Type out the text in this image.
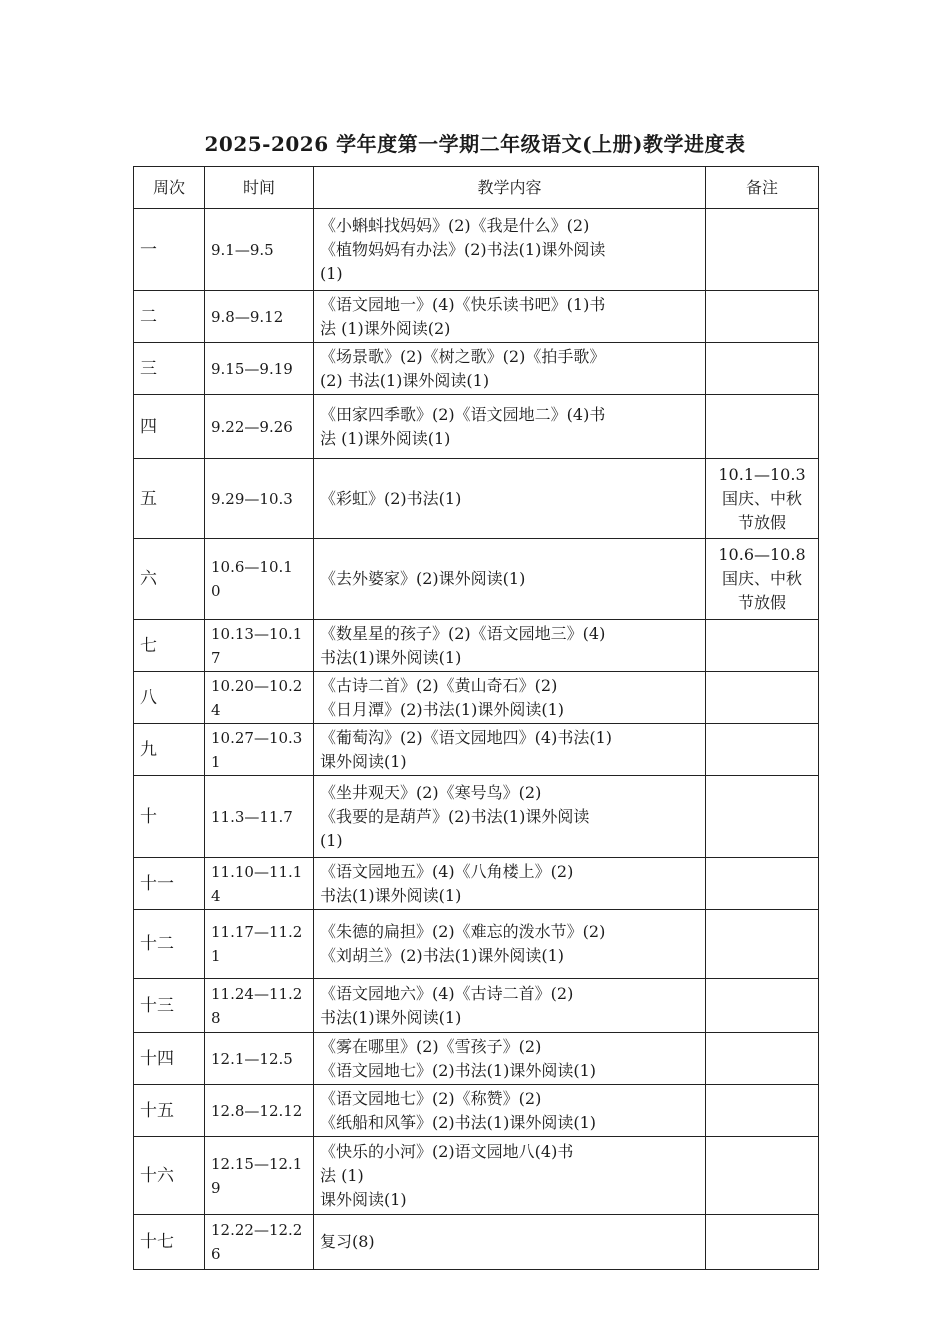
2025-2026 学年度第一学期二年级语文(上册)教学进度表
周次	时间	教学内容	备注
一	9.1—9.5	《小蝌蚪找妈妈》(2)《我是什么》(2)
《植物妈妈有办法》(2)书法(1)课外阅读
(1)	

二	9.8—9.12	《语文园地一》(4)《快乐读书吧》(1)书
法 (1)课外阅读(2)	

三	9.15—9.19	《场景歌》(2)《树之歌》(2)《拍手歌》
(2) 书法(1)课外阅读(1)	

四	9.22—9.26	《田家四季歌》(2)《语文园地二》(4)书
法 (1)课外阅读(1)	

五	9.29—10.3	《彩虹》(2)书法(1)	10.1—10.3
国庆、中秋
节放假

六	10.6—10.1 0	《去外婆家》(2)课外阅读(1)	10.6—10.8
国庆、中秋
节放假

七	10.13—10.17	《数星星的孩子》(2)《语文园地三》(4)
书法(1)课外阅读(1)	

八	10.20—10.24	《古诗二首》(2)《黄山奇石》(2)
《日月潭》(2)书法(1)课外阅读(1)	

九	10.27—10.31	《葡萄沟》(2)《语文园地四》(4)书法(1)
课外阅读(1)	

十	11.3—11.7	《坐井观天》(2)《寒号鸟》(2)
《我要的是葫芦》(2)书法(1)课外阅读
(1)	

十一	11.10—11.14	《语文园地五》(4)《八角楼上》(2)
书法(1)课外阅读(1)	

十二	11.17—11.21	《朱德的扁担》(2)《难忘的泼水节》(2)
《刘胡兰》(2)书法(1)课外阅读(1)	

十三	11.24—11.28	《语文园地六》(4)《古诗二首》(2)
书法(1)课外阅读(1)	

十四	12.1—12.5	《雾在哪里》(2)《雪孩子》(2)
《语文园地七》(2)书法(1)课外阅读(1)	

十五	12.8—12.12	《语文园地七》(2)《称赞》(2)
《纸船和风筝》(2)书法(1)课外阅读(1)	

十六	12.15—12.19	《快乐的小河》(2)语文园地八(4)书
法 (1)
课外阅读(1)	

十七	12.22—12.26	复习(8)	
